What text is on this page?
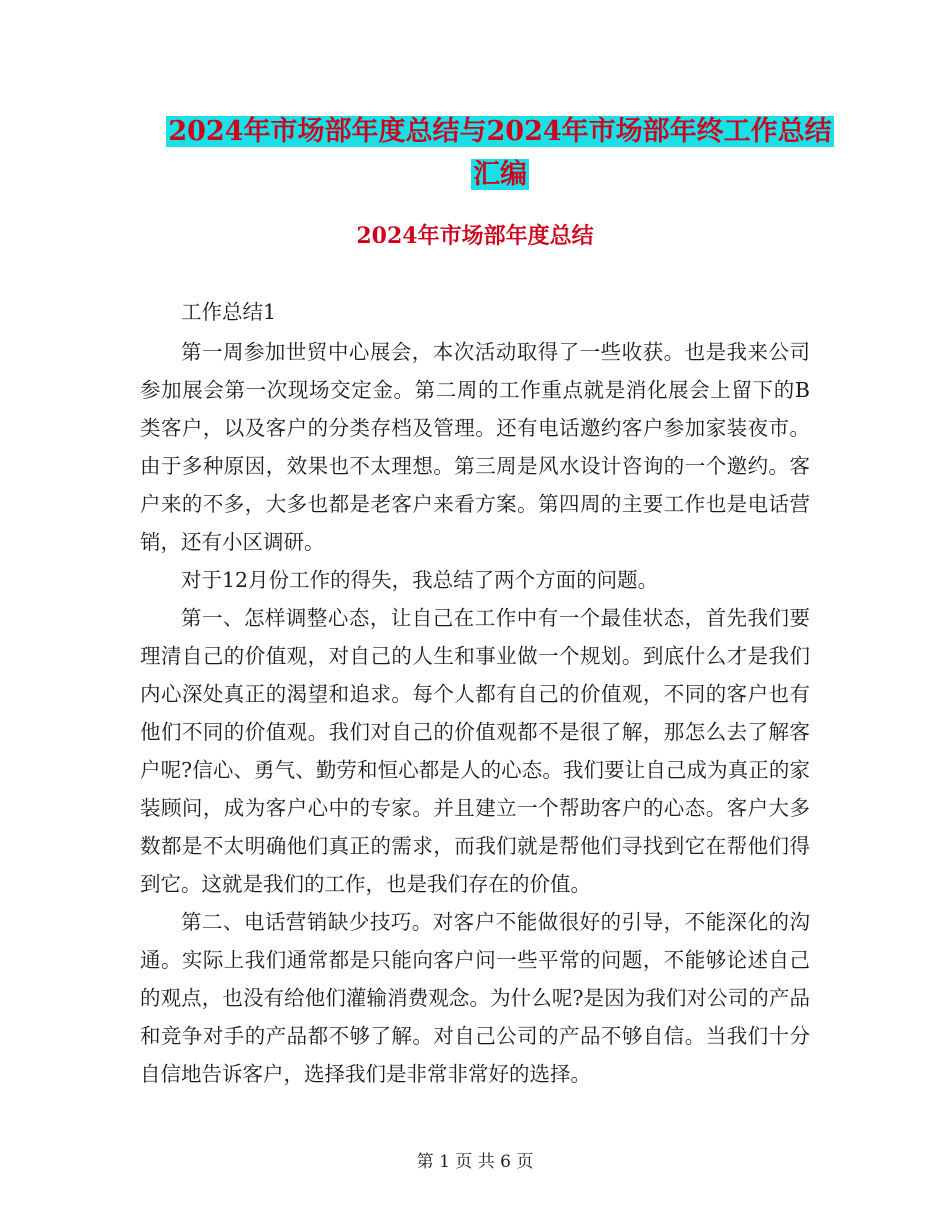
2024年市场部年度总结与2024年市场部年终工作总结
汇编
2024年市场部年度总结

工作总结1

第一周参加世贸中心展会，本次活动取得了一些收获。也是我来公司参加展会第一次现场交定金。第二周的工作重点就是消化展会上留下的B类客户，以及客户的分类存档及管理。还有电话邀约客户参加家装夜市。由于多种原因，效果也不太理想。第三周是风水设计咨询的一个邀约。客户来的不多，大多也都是老客户来看方案。第四周的主要工作也是电话营销，还有小区调研。

对于12月份工作的得失，我总结了两个方面的问题。

第一、怎样调整心态，让自己在工作中有一个最佳状态，首先我们要理清自己的价值观，对自己的人生和事业做一个规划。到底什么才是我们内心深处真正的渴望和追求。每个人都有自己的价值观，不同的客户也有他们不同的价值观。我们对自己的价值观都不是很了解，那怎么去了解客户呢?信心、勇气、勤劳和恒心都是人的心态。我们要让自己成为真正的家装顾问，成为客户心中的专家。并且建立一个帮助客户的心态。客户大多数都是不太明确他们真正的需求，而我们就是帮他们寻找到它在帮他们得到它。这就是我们的工作，也是我们存在的价值。

第二、电话营销缺少技巧。对客户不能做很好的引导，不能深化的沟通。实际上我们通常都是只能向客户问一些平常的问题，不能够论述自己的观点，也没有给他们灌输消费观念。为什么呢?是因为我们对公司的产品和竞争对手的产品都不够了解。对自己公司的产品不够自信。当我们十分自信地告诉客户，选择我们是非常非常好的选择。

第 1 页 共 6 页
